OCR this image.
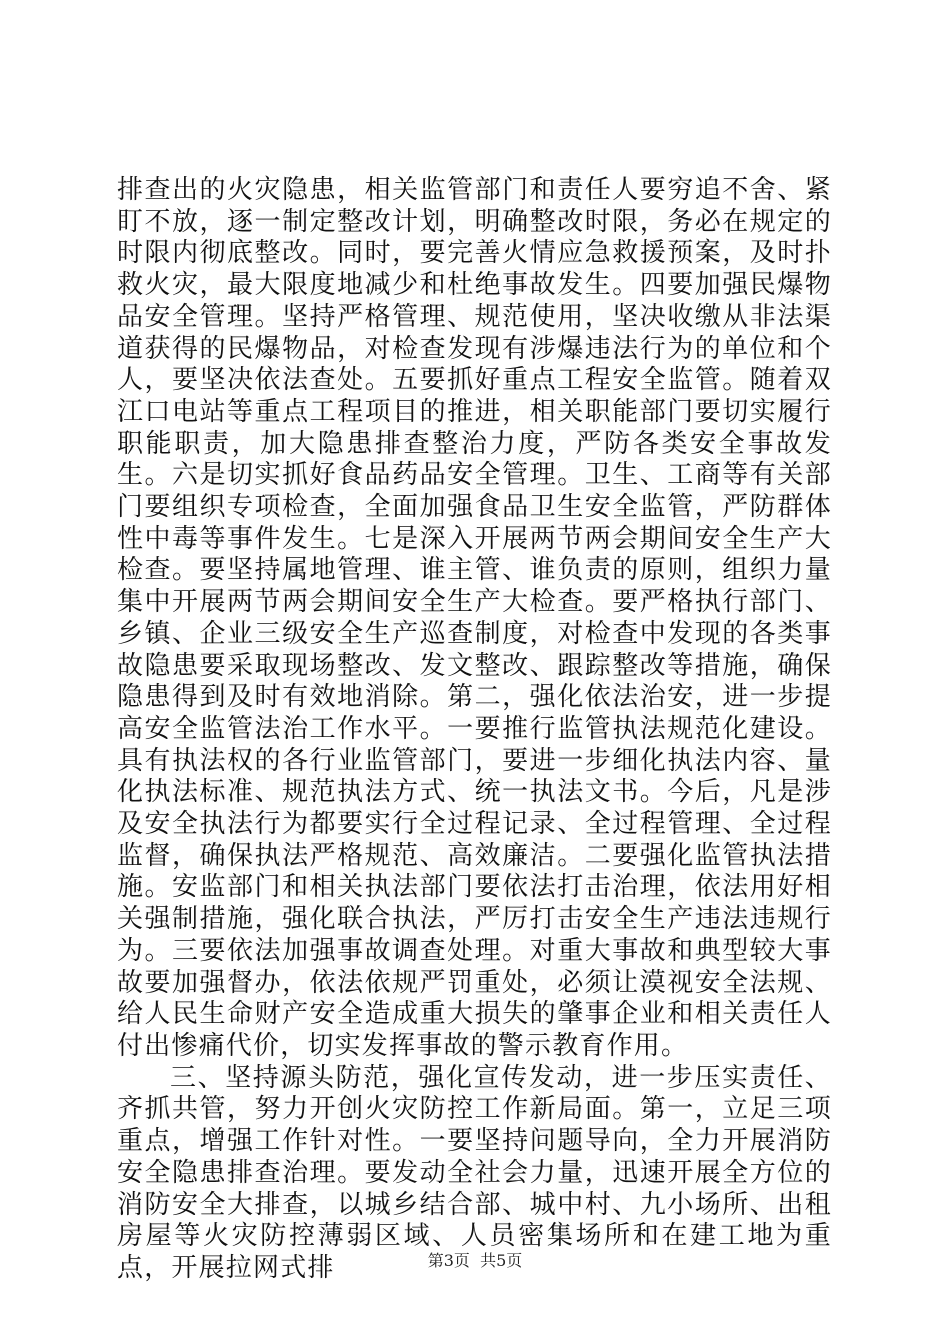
排查出的火灾隐患，相关监管部门和责任人要穷追不舍、紧盯不放，逐一制定整改计划，明确整改时限，务必在规定的时限内彻底整改。同时，要完善火情应急救援预案，及时扑救火灾，最大限度地减少和杜绝事故发生。四要加强民爆物品安全管理。坚持严格管理、规范使用，坚决收缴从非法渠道获得的民爆物品，对检查发现有涉爆违法行为的单位和个人，要坚决依法查处。五要抓好重点工程安全监管。随着双江口电站等重点工程项目的推进，相关职能部门要切实履行职能职责，加大隐患排查整治力度，严防各类安全事故发生。六是切实抓好食品药品安全管理。卫生、工商等有关部门要组织专项检查，全面加强食品卫生安全监管，严防群体性中毒等事件发生。七是深入开展两节两会期间安全生产大检查。要坚持属地管理、谁主管、谁负责的原则，组织力量集中开展两节两会期间安全生产大检查。要严格执行部门、乡镇、企业三级安全生产巡查制度，对检查中发现的各类事故隐患要采取现场整改、发文整改、跟踪整改等措施，确保隐患得到及时有效地消除。第二，强化依法治安，进一步提高安全监管法治工作水平。一要推行监管执法规范化建设。具有执法权的各行业监管部门，要进一步细化执法内容、量化执法标准、规范执法方式、统一执法文书。今后，凡是涉及安全执法行为都要实行全过程记录、全过程管理、全过程监督，确保执法严格规范、高效廉洁。二要强化监管执法措施。安监部门和相关执法部门要依法打击治理，依法用好相关强制措施，强化联合执法，严厉打击安全生产违法违规行为。三要依法加强事故调查处理。对重大事故和典型较大事故要加强督办，依法依规严罚重处，必须让漠视安全法规、给人民生命财产安全造成重大损失的肇事企业和相关责任人付出惨痛代价，切实发挥事故的警示教育作用。

三、坚持源头防范，强化宣传发动，进一步压实责任、齐抓共管，努力开创火灾防控工作新局面。第一，立足三项重点，增强工作针对性。一要坚持问题导向，全力开展消防安全隐患排查治理。要发动全社会力量，迅速开展全方位的消防安全大排查，以城乡结合部、城中村、九小场所、出租房屋等火灾防控薄弱区域、人员密集场所和在建工地为重点，开展拉网式排	第3页  共5页
